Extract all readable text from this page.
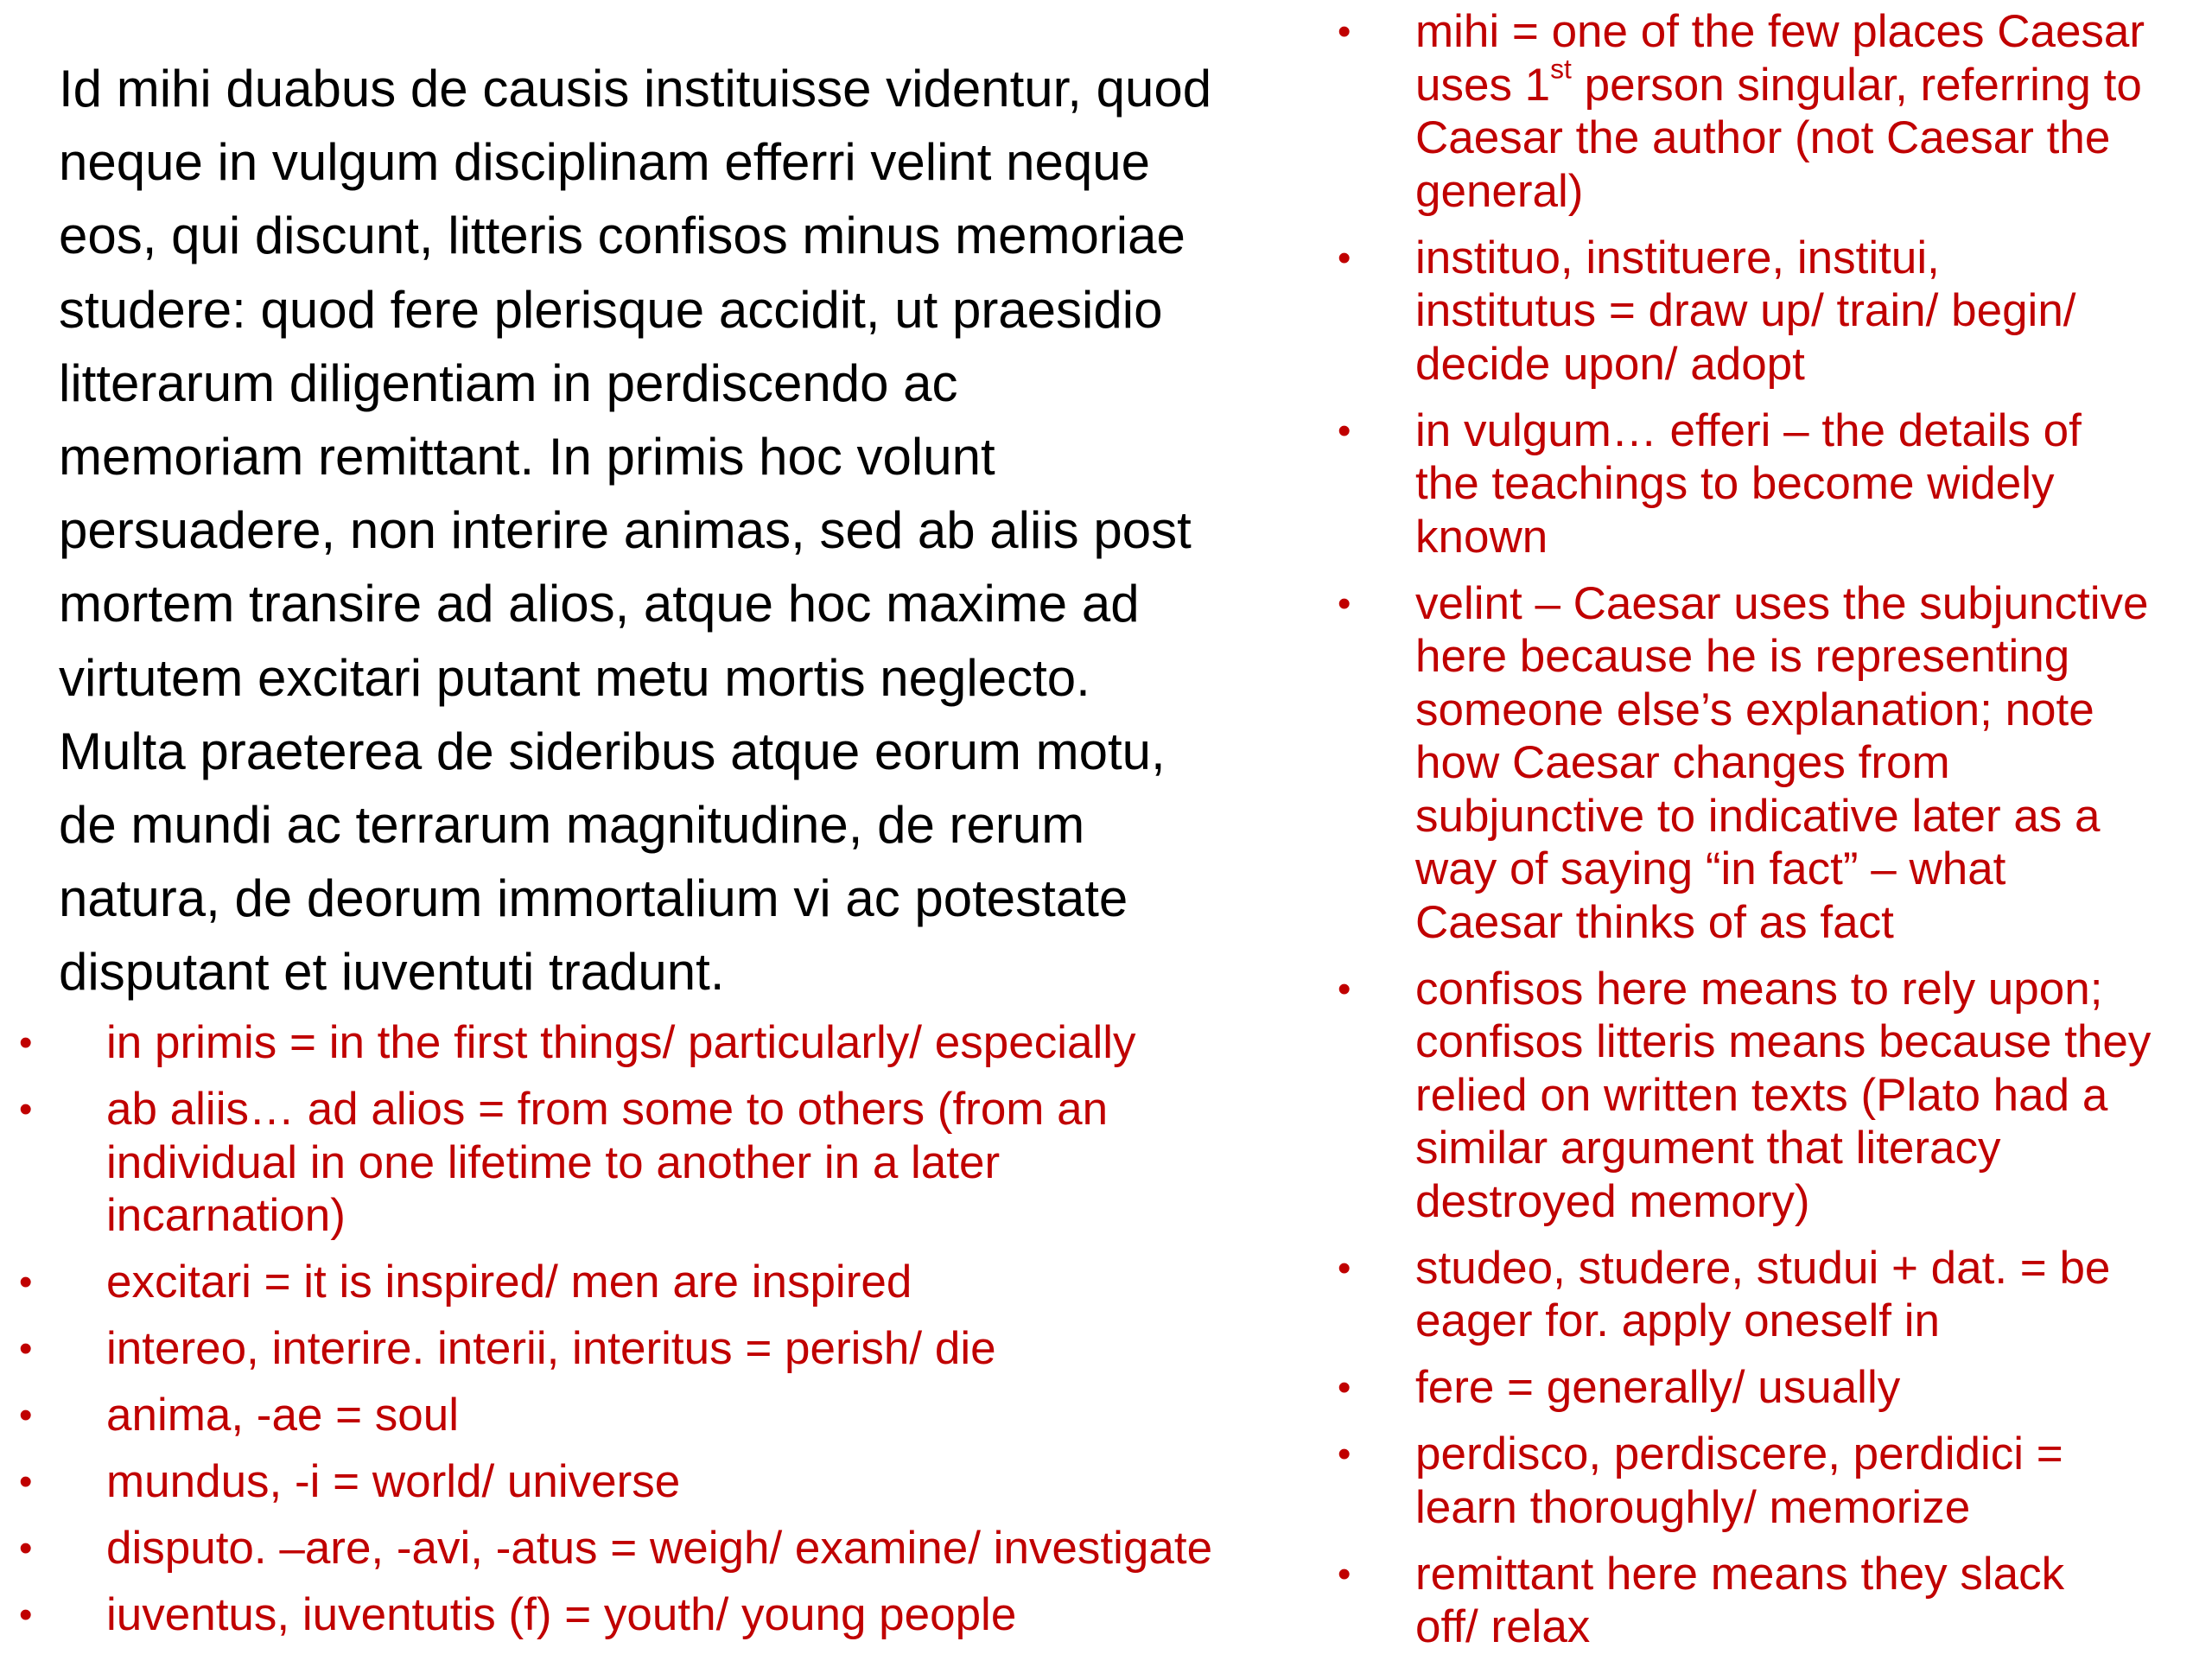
Id mihi duabus de causis instituisse videntur, quod
neque in vulgum disciplinam efferri velint neque
eos, qui discunt, litteris confisos minus memoriae
studere: quod fere plerisque accidit, ut praesidio
litterarum diligentiam in perdiscendo ac
memoriam remittant. In primis hoc volunt
persuadere, non interire animas, sed ab aliis post
mortem transire ad alios, atque hoc maxime ad
virtutem excitari putant metu mortis neglecto.
Multa praeterea de sideribus atque eorum motu,
de mundi ac terrarum magnitudine, de rerum
natura, de deorum immortalium vi ac potestate
disputant et iuventuti tradunt.

• in primis = in the first things/ particularly/ especially
• ab aliis… ad alios = from some to others (from an
individual in one lifetime to another in a later
incarnation)
• excitari = it is inspired/ men are inspired
• intereo, interire. interii, interitus = perish/ die
• anima, -ae = soul
• mundus, -i = world/ universe
• disputo. –are, -avi, -atus = weigh/ examine/ investigate
• iuventus, iuventutis (f) = youth/ young people
• mihi = one of the few places Caesar
uses 1st person singular, referring to
Caesar the author (not Caesar the
general)
• instituo, instituere, institui,
institutus = draw up/ train/ begin/
decide upon/ adopt
• in vulgum… efferi – the details of
the teachings to become widely
known
• velint – Caesar uses the subjunctive
here because he is representing
someone else’s explanation; note
how Caesar changes from
subjunctive to indicative later as a
way of saying “in fact” – what
Caesar thinks of as fact
• confisos here means to rely upon;
confisos litteris means because they
relied on written texts (Plato had a
similar argument that literacy
destroyed memory)
• studeo, studere, studui + dat. = be
eager for. apply oneself in
• fere = generally/ usually
• perdisco, perdiscere, perdidici =
learn thoroughly/ memorize
• remittant here means they slack
off/ relax
